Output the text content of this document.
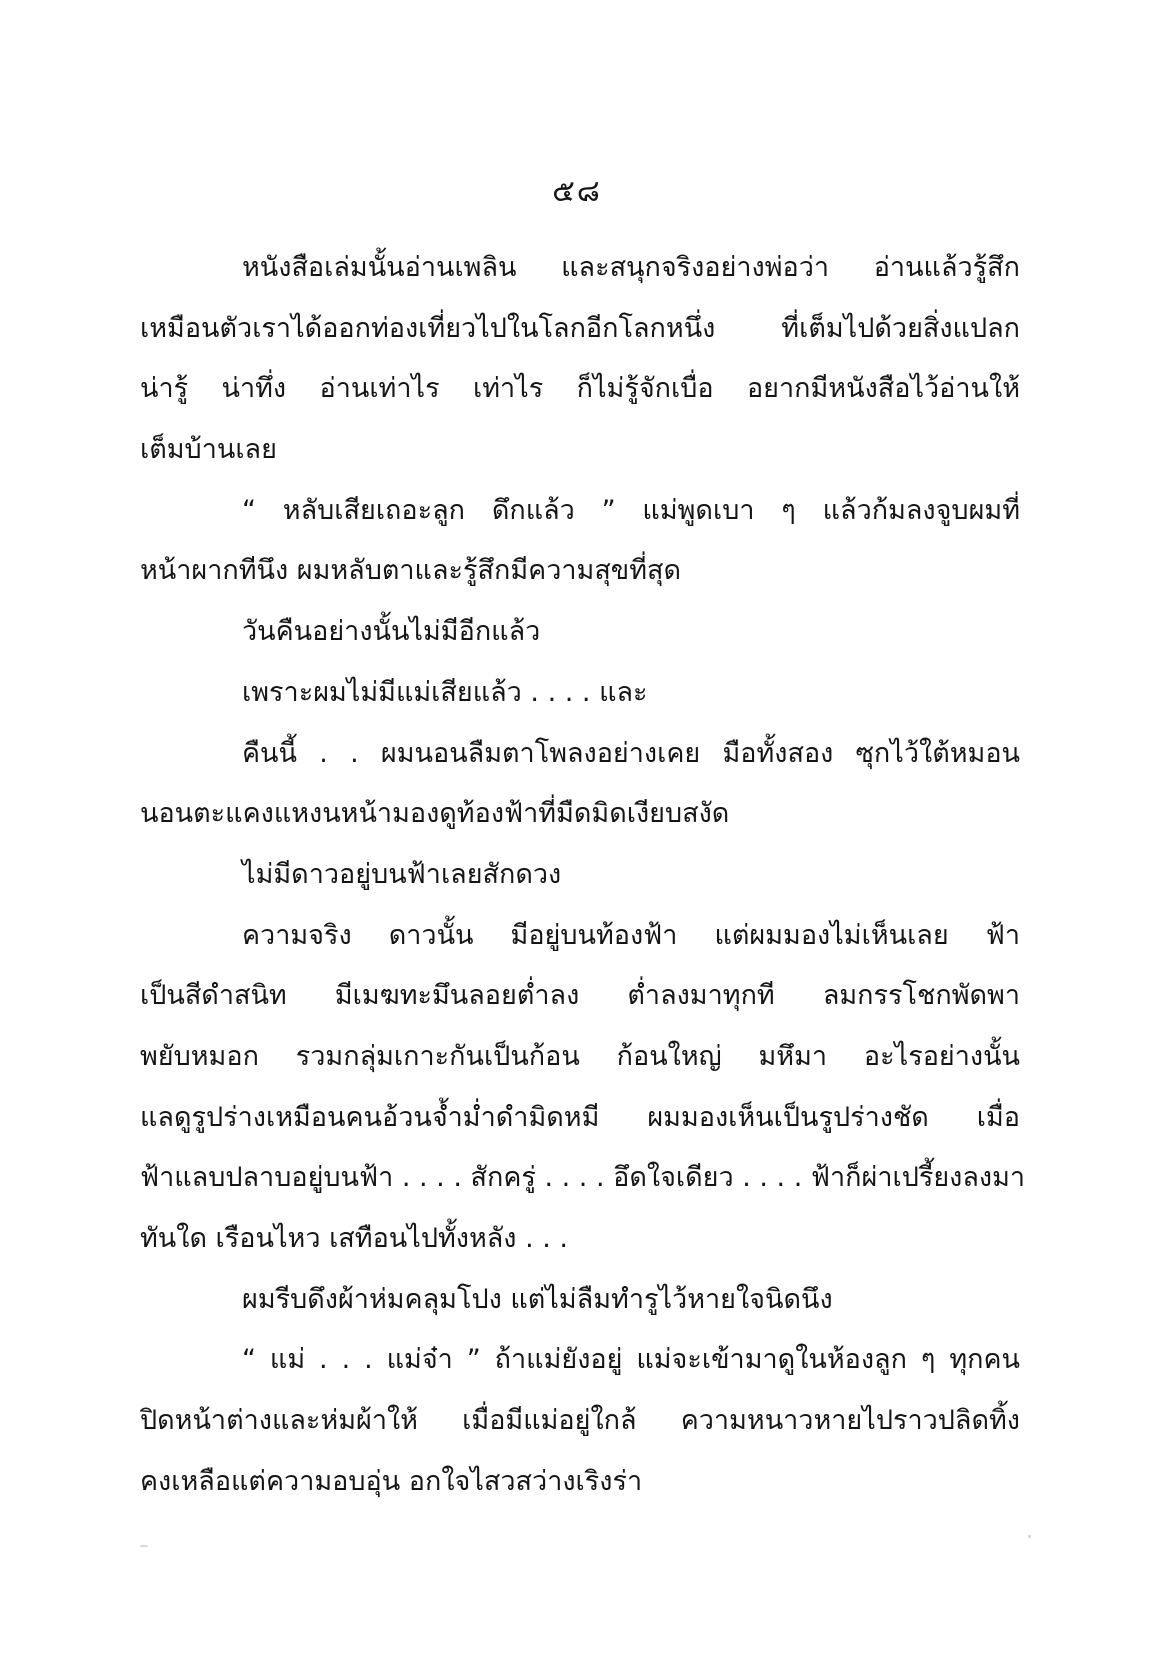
๕๘
หนังสือเล่มนั้นอ่านเพลิน และสนุกจริงอย่างพ่อว่า อ่านแล้วรู้สึก
เหมือนตัวเราได้ออกท่องเที่ยวไปในโลกอีกโลกหนึ่ง ที่เต็มไปด้วยสิ่งแปลก
น่ารู้ น่าทึ่ง อ่านเท่าไร เท่าไร ก็ไม่รู้จักเบื่อ อยากมีหนังสือไว้อ่านให้
เต็มบ้านเลย
“ หลับเสียเถอะลูก ดึกแล้ว ” แม่พูดเบา ๆ แล้วก้มลงจูบผมที่
หน้าผากทีนึง ผมหลับตาและรู้สึกมีความสุขที่สุด
วันคืนอย่างนั้นไม่มีอีกแล้ว
เพราะผมไม่มีแม่เสียแล้ว . . . . และ
คืนนี้ . . ผมนอนลืมตาโพลงอย่างเคย มือทั้งสอง ซุกไว้ใต้หมอน
นอนตะแคงแหงนหน้ามองดูท้องฟ้าที่มืดมิดเงียบสงัด
ไม่มีดาวอยู่บนฟ้าเลยสักดวง
ความจริง ดาวนั้น มีอยู่บนท้องฟ้า แต่ผมมองไม่เห็นเลย ฟ้า
เป็นสีดำสนิท มีเมฆทะมึนลอยต่ำลง ต่ำลงมาทุกที ลมกรรโชกพัดพา
พยับหมอก รวมกลุ่มเกาะกันเป็นก้อน ก้อนใหญ่ มหึมา อะไรอย่างนั้น
แลดูรูปร่างเหมือนคนอ้วนจ้ำม่ำดำมิดหมี ผมมองเห็นเป็นรูปร่างชัด เมื่อ
ฟ้าแลบปลาบอยู่บนฟ้า . . . . สักครู่ . . . . อึดใจเดียว . . . . ฟ้าก็ผ่าเปรี้ยงลงมา
ทันใด เรือนไหว เสทือนไปทั้งหลัง . . .
ผมรีบดึงผ้าห่มคลุมโปง แต่ไม่ลืมทำรูไว้หายใจนิดนึง
“ แม่ . . . แม่จ๋า ” ถ้าแม่ยังอยู่ แม่จะเข้ามาดูในห้องลูก ๆ ทุกคน
ปิดหน้าต่างและห่มผ้าให้ เมื่อมีแม่อยู่ใกล้ ความหนาวหายไปราวปลิดทิ้ง
คงเหลือแต่ความอบอุ่น อกใจไสวสว่างเริงร่า
